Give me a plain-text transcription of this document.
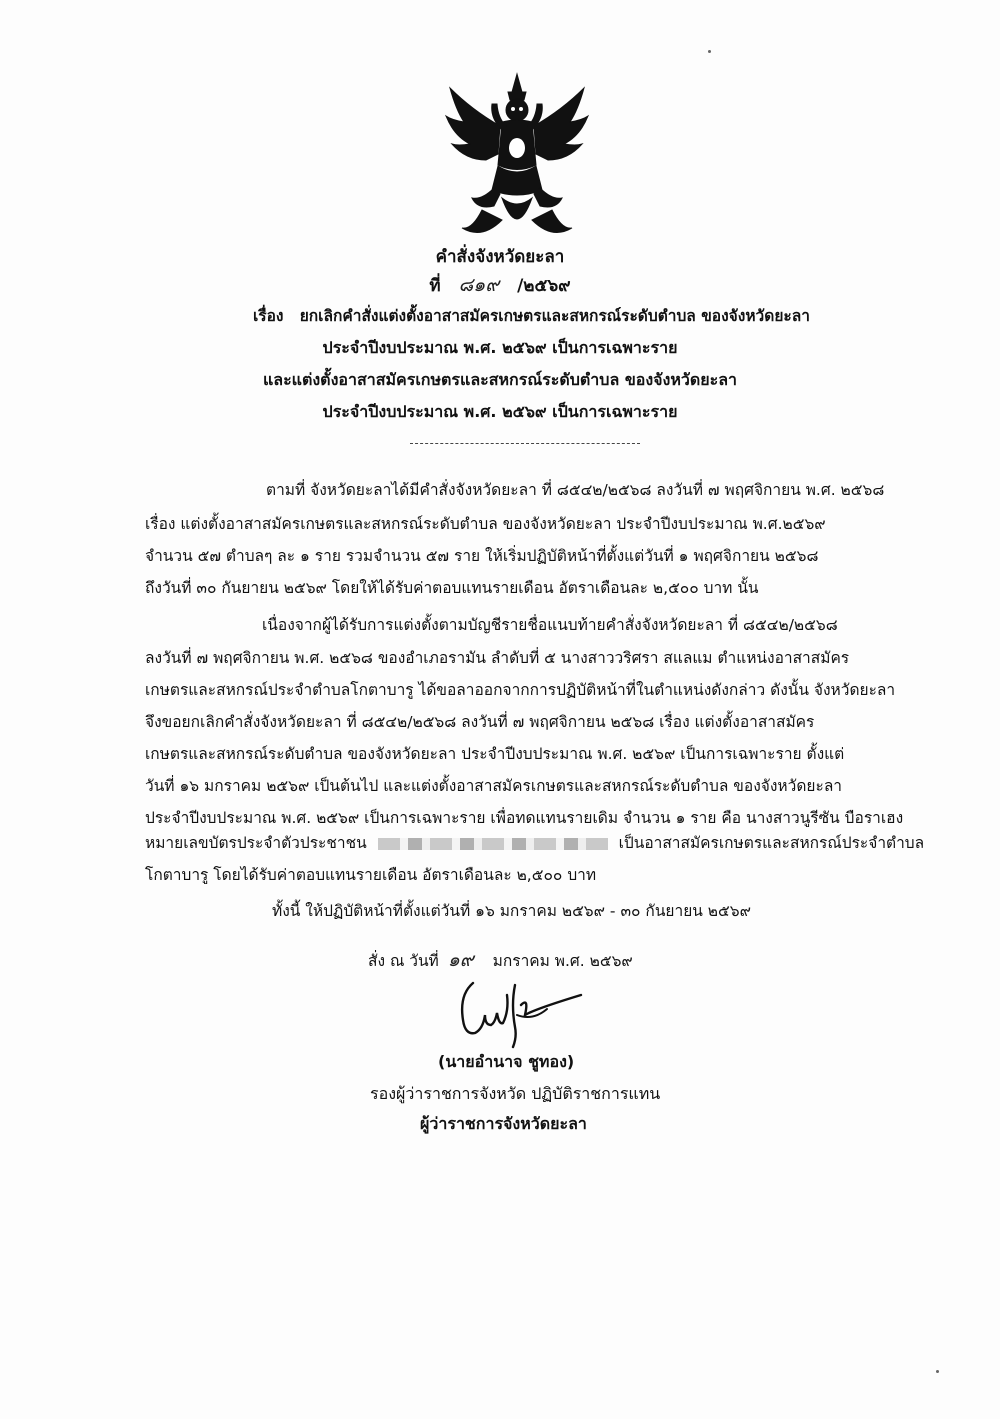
คำสั่งจังหวัดยะลา
ที่ ๘๑๙ /๒๕๖๙
เรื่อง ยกเลิกคำสั่งแต่งตั้งอาสาสมัครเกษตรและสหกรณ์ระดับตำบล ของจังหวัดยะลา
ประจำปีงบประมาณ พ.ศ. ๒๕๖๙ เป็นการเฉพาะราย
และแต่งตั้งอาสาสมัครเกษตรและสหกรณ์ระดับตำบล ของจังหวัดยะลา
ประจำปีงบประมาณ พ.ศ. ๒๕๖๙ เป็นการเฉพาะราย
ตามที่ จังหวัดยะลาได้มีคำสั่งจังหวัดยะลา ที่ ๘๕๔๒/๒๕๖๘ ลงวันที่ ๗ พฤศจิกายน พ.ศ. ๒๕๖๘
เรื่อง แต่งตั้งอาสาสมัครเกษตรและสหกรณ์ระดับตำบล ของจังหวัดยะลา ประจำปีงบประมาณ พ.ศ.๒๕๖๙
จำนวน ๕๗ ตำบลๆ ละ ๑ ราย รวมจำนวน ๕๗ ราย ให้เริ่มปฏิบัติหน้าที่ตั้งแต่วันที่ ๑ พฤศจิกายน ๒๕๖๘
ถึงวันที่ ๓๐ กันยายน ๒๕๖๙ โดยให้ได้รับค่าตอบแทนรายเดือน อัตราเดือนละ ๒,๕๐๐ บาท นั้น
เนื่องจากผู้ได้รับการแต่งตั้งตามบัญชีรายชื่อแนบท้ายคำสั่งจังหวัดยะลา ที่ ๘๕๔๒/๒๕๖๘
ลงวันที่ ๗ พฤศจิกายน พ.ศ. ๒๕๖๘ ของอำเภอรามัน ลำดับที่ ๕ นางสาววริศรา สแลแม ตำแหน่งอาสาสมัคร
เกษตรและสหกรณ์ประจำตำบลโกตาบารู ได้ขอลาออกจากการปฏิบัติหน้าที่ในตำแหน่งดังกล่าว ดังนั้น จังหวัดยะลา
จึงขอยกเลิกคำสั่งจังหวัดยะลา ที่ ๘๕๔๒/๒๕๖๘ ลงวันที่ ๗ พฤศจิกายน ๒๕๖๘ เรื่อง แต่งตั้งอาสาสมัคร
เกษตรและสหกรณ์ระดับตำบล ของจังหวัดยะลา ประจำปีงบประมาณ พ.ศ. ๒๕๖๙ เป็นการเฉพาะราย ตั้งแต่
วันที่ ๑๖ มกราคม ๒๕๖๙ เป็นต้นไป และแต่งตั้งอาสาสมัครเกษตรและสหกรณ์ระดับตำบล ของจังหวัดยะลา
ประจำปีงบประมาณ พ.ศ. ๒๕๖๙ เป็นการเฉพาะราย เพื่อทดแทนรายเดิม จำนวน ๑ ราย คือ นางสาวนูรีซัน บือราเฮง
หมายเลขบัตรประจำตัวประชาชน	เป็นอาสาสมัครเกษตรและสหกรณ์ประจำตำบล
โกตาบารู โดยได้รับค่าตอบแทนรายเดือน อัตราเดือนละ ๒,๕๐๐ บาท
ทั้งนี้ ให้ปฏิบัติหน้าที่ตั้งแต่วันที่ ๑๖ มกราคม ๒๕๖๙ - ๓๐ กันยายน ๒๕๖๙
สั่ง ณ วันที่ ๑๙ มกราคม พ.ศ. ๒๕๖๙
(นายอำนาจ ชูทอง)
รองผู้ว่าราชการจังหวัด ปฏิบัติราชการแทน
ผู้ว่าราชการจังหวัดยะลา
